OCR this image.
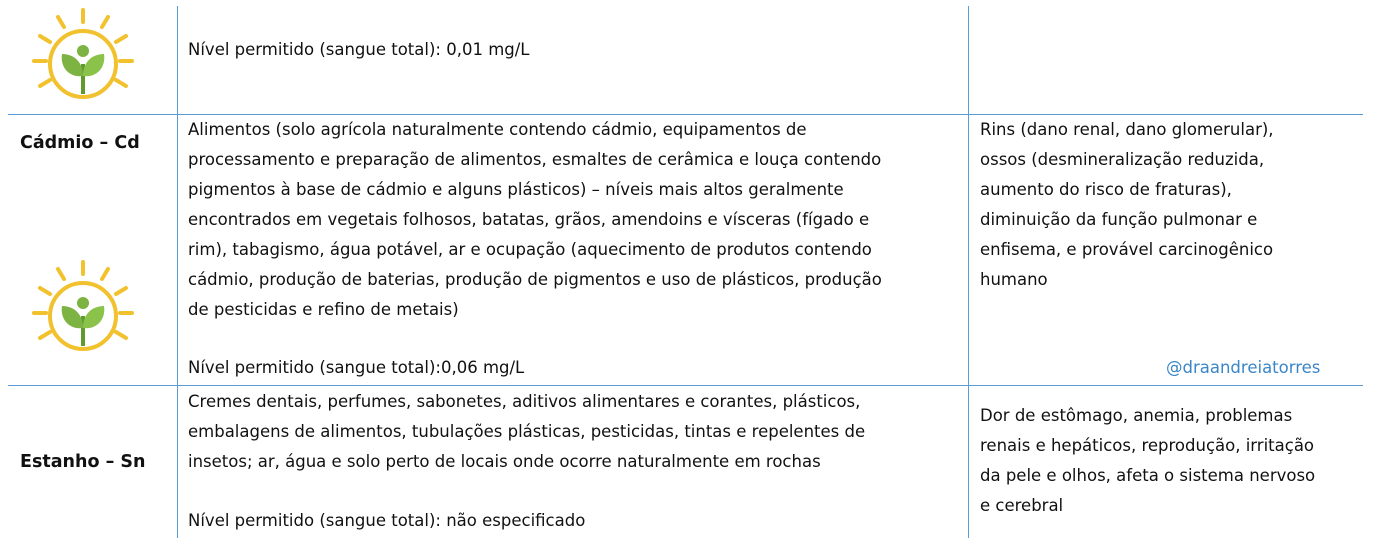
Nível permitido (sangue total): 0,01 mg/L
Cádmio – Cd
Alimentos (solo agrícola naturalmente contendo cádmio, equipamentos de
processamento e preparação de alimentos, esmaltes de cerâmica e louça contendo
pigmentos à base de cádmio e alguns plásticos) – níveis mais altos geralmente
encontrados em vegetais folhosos, batatas, grãos, amendoins e vísceras (fígado e
rim), tabagismo, água potável, ar e ocupação (aquecimento de produtos contendo
cádmio, produção de baterias, produção de pigmentos e uso de plásticos, produção
de pesticidas e refino de metais)
Nível permitido (sangue total):0,06 mg/L
Rins (dano renal, dano glomerular),
ossos (desmineralização reduzida,
aumento do risco de fraturas),
diminuição da função pulmonar e
enfisema, e provável carcinogênico
humano
@draandreiatorres
Estanho – Sn
Cremes dentais, perfumes, sabonetes, aditivos alimentares e corantes, plásticos,
embalagens de alimentos, tubulações plásticas, pesticidas, tintas e repelentes de
insetos; ar, água e solo perto de locais onde ocorre naturalmente em rochas
Nível permitido (sangue total): não especificado
Dor de estômago, anemia, problemas
renais e hepáticos, reprodução, irritação
da pele e olhos, afeta o sistema nervoso
e cerebral
